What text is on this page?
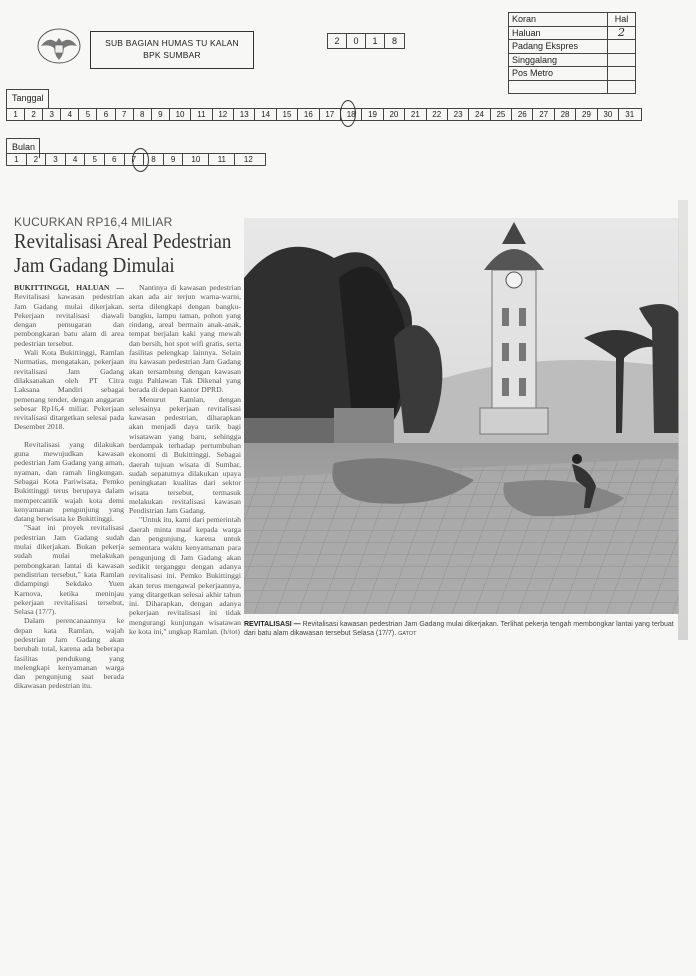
SUB BAGIAN HUMAS TU KALAN
BPK SUMBAR
2	0	1	8
Koran	Hal
Haluan	2
Padang Ekspres	
Singgalang	
Pos Metro	

Tanggal
1	2	3	4	5	6	7	8	9	10	11	12	13	14	15	16	17	18	19	20	21	22	23	24	25	26	27	28	29	30	31
Bulan
1	2	3	4	5	6	7	8	9	10	11	12
KUCURKAN RP16,4 MILIAR
Revitalisasi Areal Pedestrian
Jam Gadang Dimulai

BUKITTINGGI, HALUAN — Revitalisasi kawasan pedestrian Jam Gadang mulai dikerjakan. Pekerjaan revitalisasi diawali dengan pemugaran dan pembongkaran batu alam di area pedestrian tersebut.

Wali Kota Bukittinggi, Ramlan Nurmatias, mengatakan, pekerjaan revitalisasi Jam Gadang dilaksanakan oleh PT Citra Laksana Mandiri sebagai pemenang tender, dengan anggaran sebesar Rp16,4 miliar. Pekerjaan revitalisasi ditargetkan selesai pada Desember 2018.

Revitalisasi yang dilakukan guna mewujudkan kawasan pedestrian Jam Gadang yang aman, nyaman, dan ramah lingkungan. Sebagai Kota Pariwisata, Pemko Bukittinggi terus berupaya dalam mempercantik wajah kota demi kenyamanan pengunjung yang datang berwisata ke Bukittinggi.

"Saat ini proyek revitalisasi pedestrian Jam Gadang sudah mulai dikerjakan. Bukan pekerja sudah mulai melakukan pembongkaran lantai di kawasan pendistrian tersebut," kata Ramlan didampingi Sekdako Yuen Karnova, ketika meninjau pekerjaan revitalisasi tersebut, Selasa (17/7).

Dalam perencanaannya ke depan kata Ramlan, wajah pedestrian Jam Gadang akan berubah total, karena ada beberapa fasilitas pendukung yang melengkapi kenyamanan warga dan pengunjung saat berada dikawasan pedestrian itu.

Nantinya di kawasan pedestrian akan ada air terjun warna-warni, serta dilengkapi dengan bangku-bangku, lampu taman, pohon yang rindang, areal bermain anak-anak, tempat berjalan kaki yang mewah dan bersih, hot spot wifi gratis, serta fasilitas pelengkap lainnya. Selain itu kawasan pedestrian Jam Gadang akan tersambung dengan kawasan tugu Pahlawan Tak Dikenal yang berada di depan kantor DPRD.

Menurut Ramlan, dengan selesainya pekerjaan revitalisasi kawasan pedestrian, diharapkan akan menjadi daya tarik bagi wisatawan yang baru, sehingga berdampak terhadap pertumbuhan ekonomi di Bukittinggi. Sebagai daerah tujuan wisata di Sumbar, sudah sepatutnya dilakukan upaya peningkatan kualitas dari sektor wisata tersebut, termasuk melakukan revitalisasi kawasan Pendistrian Jam Gadang.

"Untuk itu, kami dari pemerintah daerah minta maaf kepada warga dan pengunjung, karena untuk sementara waktu kenyamanan para pengunjung di Jam Gadang akan sedikit terganggu dengan adanya revitalisasi ini. Pemko Bukittinggi akan terus mengawal pekerjaannya, yang ditargetkan selesai akhir tahun ini. Diharapkan, dengan adanya pekerjaan revitalisasi ini tidak mengurangi kunjungan wisatawan ke kota ini," ungkap Ramlan. (h/tot)

REVITALISASI — Revitalisasi kawasan pedestrian Jam Gadang mulai dikerjakan. Terlihat pekerja tengah membongkar lantai yang terbuat dari batu alam dikawasan tersebut Selasa (17/7). GATOT
